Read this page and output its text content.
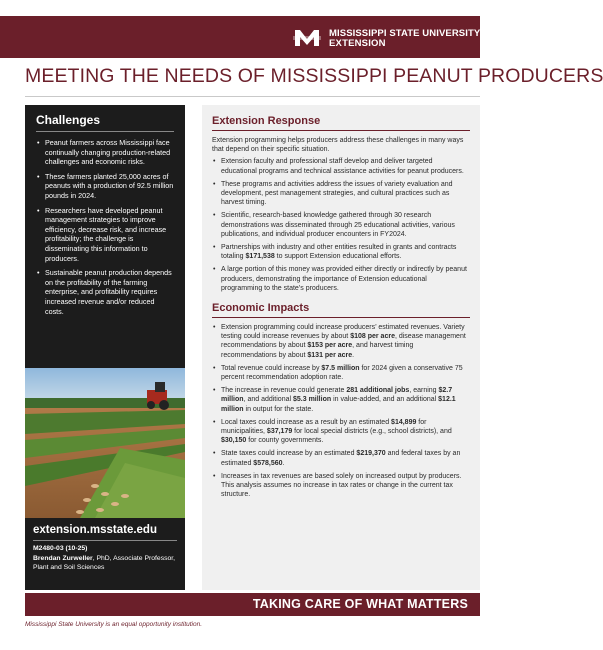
MISSISSIPPI STATE UNIVERSITY™
EXTENSION
MEETING THE NEEDS OF MISSISSIPPI PEANUT PRODUCERS
Challenges
• Peanut farmers across Mississippi face continually changing production-related challenges and economic risks.
• These farmers planted 25,000 acres of peanuts with a production of 92.5 million pounds in 2024.
• Researchers have developed peanut management strategies to improve efficiency, decrease risk, and increase profitability; the challenge is disseminating this information to producers.
• Sustainable peanut production depends on the profitability of the farming enterprise, and profitability requires increased revenue and/or reduced costs.
extension.msstate.edu
M2480-03 (10-25)
Brendan Zurweller, PhD, Associate Professor, Plant and Soil Sciences
Extension Response

Extension programming helps producers address these challenges in many ways that depend on their specific situation.

• Extension faculty and professional staff develop and deliver targeted educational programs and technical assistance activities for peanut producers.
• These programs and activities address the issues of variety evaluation and development, pest management strategies, and cultural practices such as harvest timing.
• Scientific, research-based knowledge gathered through 30 research demonstrations was disseminated through 25 educational activities, various publications, and individual producer encounters in FY2024.
• Partnerships with industry and other entities resulted in grants and contracts totaling $171,538 to support Extension educational efforts.
• A large portion of this money was provided either directly or indirectly by peanut producers, demonstrating the importance of Extension educational programming to the state’s producers.
Economic Impacts
• Extension programming could increase producers’ estimated revenues. Variety testing could increase revenues by about $108 per acre, disease management recommendations by about $153 per acre, and harvest timing recommendations by about $131 per acre.
• Total revenue could increase by $7.5 million for 2024 given a conservative 75 percent recommendation adoption rate.
• The increase in revenue could generate 281 additional jobs, earning $2.7 million, and additional $5.3 million in value-added, and an additional $12.1 million in output for the state.
• Local taxes could increase as a result by an estimated $14,899 for municipalities, $37,179 for local special districts (e.g., school districts), and $30,150 for county governments.
• State taxes could increase by an estimated $219,370 and federal taxes by an estimated $578,560.
• Increases in tax revenues are based solely on increased output by producers. This analysis assumes no increase in tax rates or change in the current tax structure.
TAKING CARE OF WHAT MATTERS
Mississippi State University is an equal opportunity institution.
